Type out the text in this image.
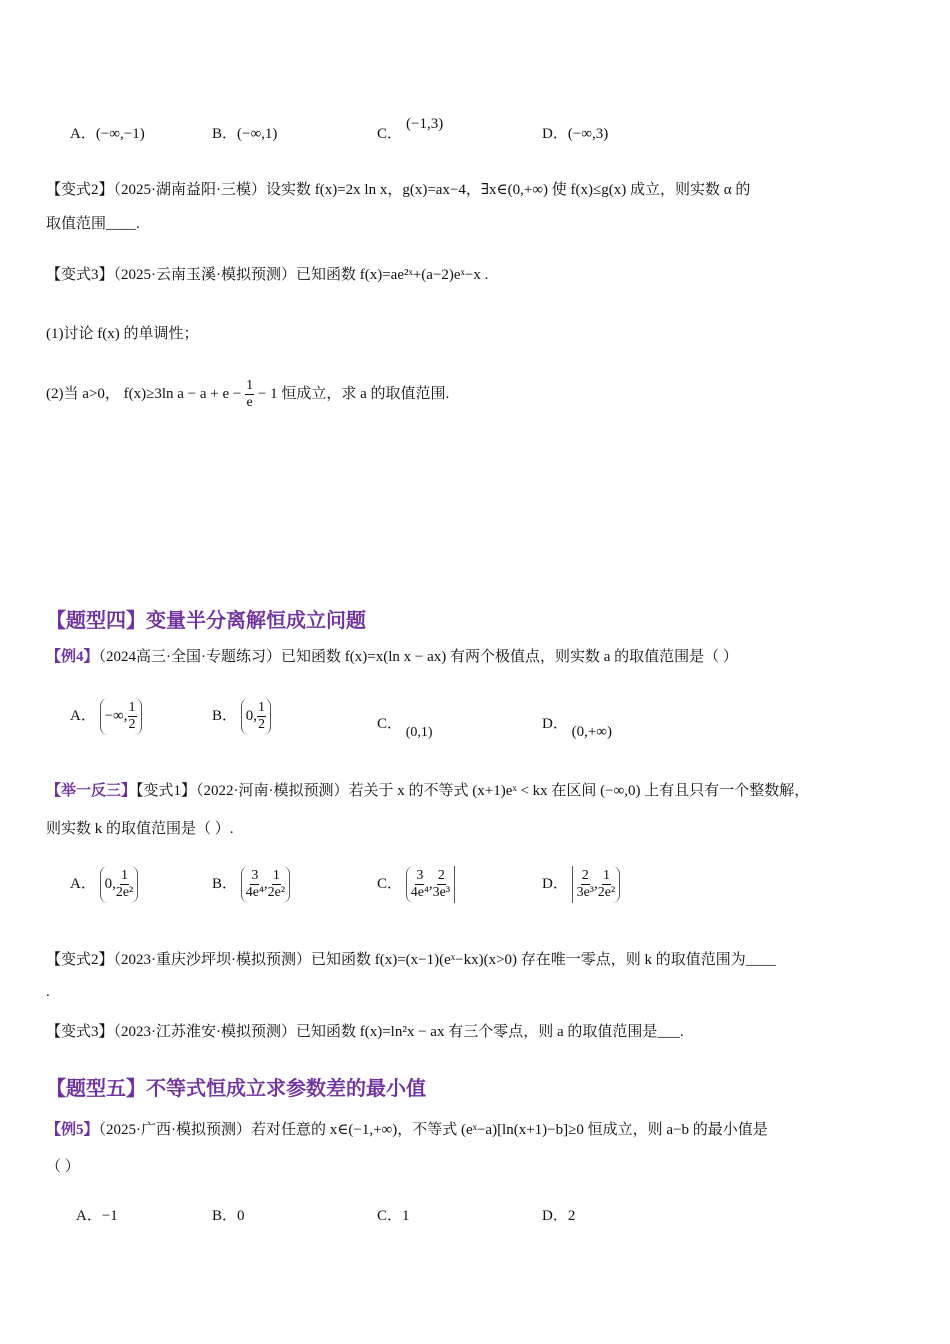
A．(−∞,−1)	B．(−∞,1)	C．
(−1,3)
D．(−∞,3)
【变式2】（2025·湖南益阳·三模）设实数 f(x)=2x ln x，g(x)=ax−4，∃x∈(0,+∞) 使 f(x)≤g(x) 成立，则实数 α 的
取值范围____.
【变式3】（2025·云南玉溪·模拟预测）已知函数 f(x)=ae²ˣ+(a−2)eˣ−x .
(1)讨论 f(x) 的单调性；
(2)当 a>0， f(x)≥3ln $a - a + e - \frac{1}{e} - 1$ 恒成立，求 a 的取值范围.
【题型四】变量半分离解恒成立问题
【例4】（2024高三·全国·专题练习）已知函数 f(x)=x(ln x − ax) 有两个极值点，则实数 a 的取值范围是（ ）
A． −∞, $\frac{1}{2}$	B． 0, $\frac{1}{2}$	C． (0,1)
D． (0,+∞)
【举一反三】【变式1】（2022·河南·模拟预测）若关于 x 的不等式 (x+1)eˣ < kx 在区间 (−∞,0) 上有且只有一个整数解，
则实数 k 的取值范围是（ ）.
A． 0, $\frac{1}{\text{2e²}}$	B． $\frac{3}{\text{4e⁴}}$ , $\frac{1}{\text{2e²}}$	C． $\frac{3}{\text{4e⁴}}$ , $\frac{2}{\text{3e³}}$	D． $\frac{2}{\text{3e³}}$ , $\frac{1}{\text{2e²}}$
【变式2】（2023·重庆沙坪坝·模拟预测）已知函数 f(x)=(x−1)(eˣ−kx)(x>0) 存在唯一零点，则 k 的取值范围为____
.
【变式3】（2023·江苏淮安·模拟预测）已知函数 f(x)=ln²x − ax 有三个零点，则 a 的取值范围是___.
【题型五】不等式恒成立求参数差的最小值
【例5】（2025·广西·模拟预测）若对任意的 x∈(−1,+∞)，不等式 (eˣ−a)[ln(x+1)−b]≥0 恒成立，则 a−b 的最小值是
（ ）
A．−1	B．0	C．1	D．2
